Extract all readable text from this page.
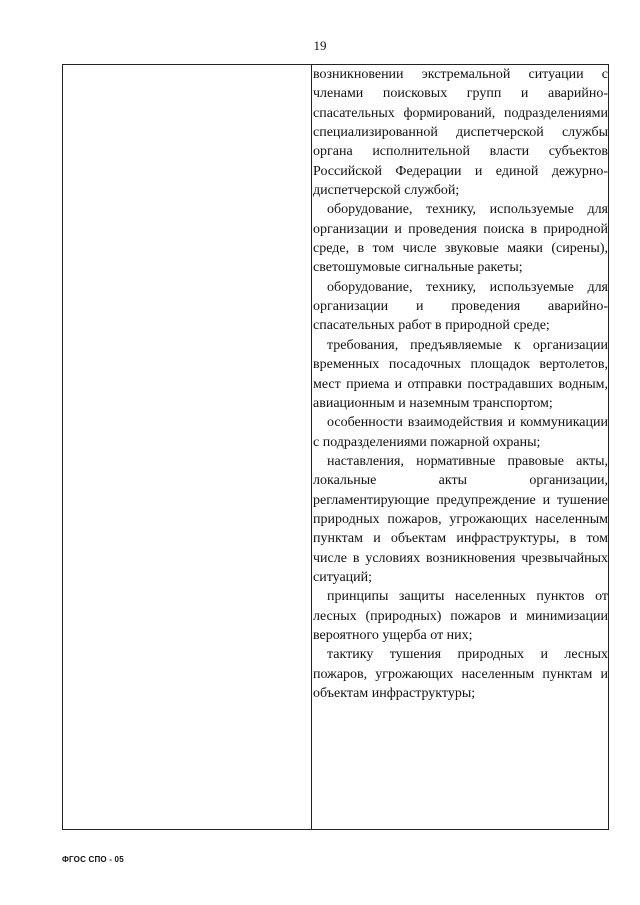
19

возникновении экстремальной ситуации с членами поисковых групп и аварийно-спасательных формирований, подразделениями специализированной диспетчерской службы органа исполнительной власти субъектов Российской Федерации и единой дежурно-диспетчерской службой;

оборудование, технику, используемые для организации и проведения поиска в природной среде, в том числе звуковые маяки (сирены), светошумовые сигнальные ракеты;

оборудование, технику, используемые для организации и проведения аварийно-спасательных работ в природной среде;

требования, предъявляемые к организации временных посадочных площадок вертолетов, мест приема и отправки пострадавших водным, авиационным и наземным транспортом;

особенности взаимодействия и коммуникации с подразделениями пожарной охраны;

наставления, нормативные правовые акты, локальные акты организации, регламентирующие предупреждение и тушение природных пожаров, угрожающих населенным пунктам и объектам инфраструктуры, в том числе в условиях возникновения чрезвычайных ситуаций;

принципы защиты населенных пунктов от лесных (природных) пожаров и минимизации вероятного ущерба от них;

тактику тушения природных и лесных пожаров, угрожающих населенным пунктам и объектам инфраструктуры;

ФГОС СПО - 05
